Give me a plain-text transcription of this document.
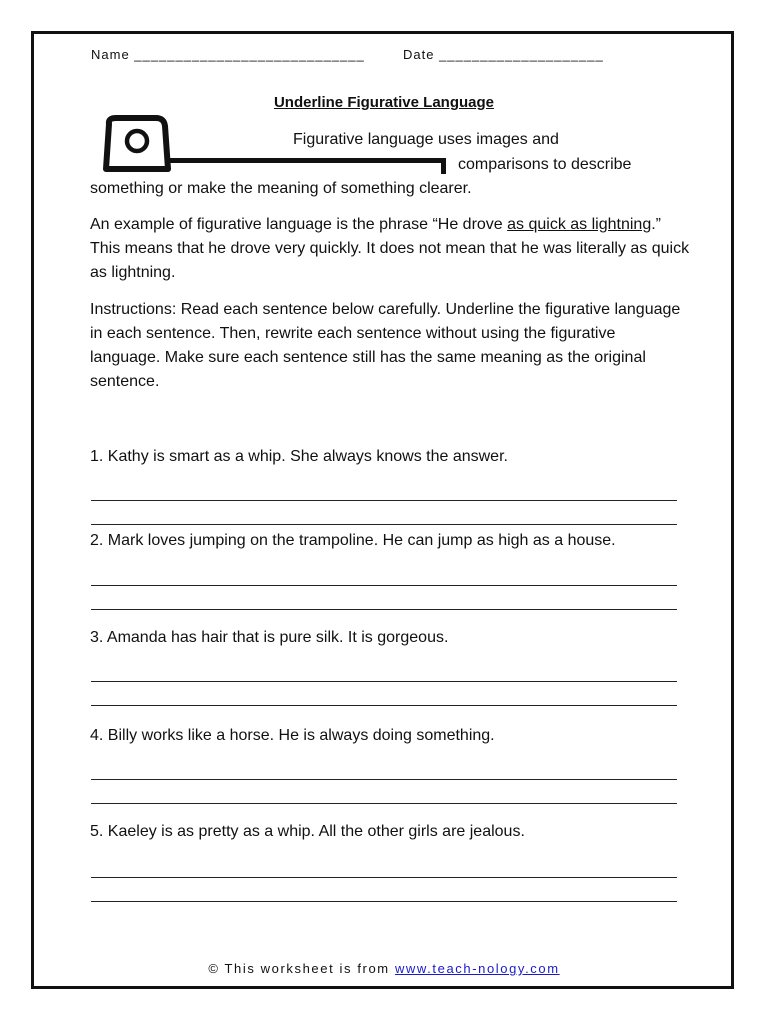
Name ____________________________	Date ____________________
Underline Figurative Language
Figurative language uses images and
comparisons to describe
something or make the meaning of something clearer.
An example of figurative language is the phrase “He drove as quick as lightning.” This means that he drove very quickly. It does not mean that he was literally as quick as lightning.
Instructions: Read each sentence below carefully. Underline the figurative language in each sentence. Then, rewrite each sentence without using the figurative language. Make sure each sentence still has the same meaning as the original sentence.
1. Kathy is smart as a whip. She always knows the answer.
2. Mark loves jumping on the trampoline. He can jump as high as a house.
3. Amanda has hair that is pure silk. It is gorgeous.
4. Billy works like a horse. He is always doing something.
5. Kaeley is as pretty as a whip. All the other girls are jealous.
© This worksheet is from www.teach-nology.com
